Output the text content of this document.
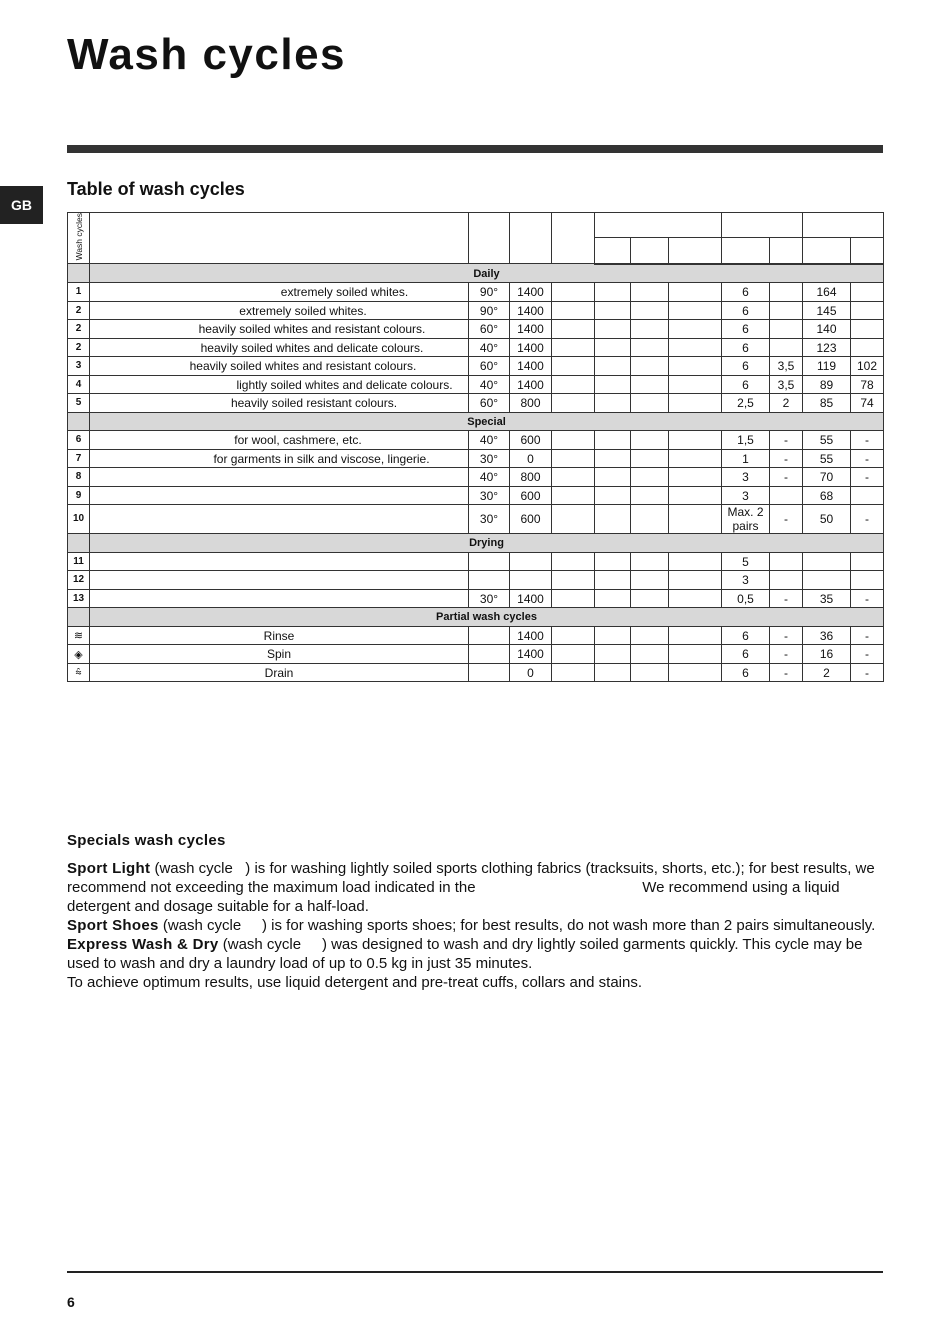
Wash cycles
GB
Table of wash cycles
Wash cycles											

	Daily										
1	extremely soiled whites.	90°	1400					6		164	
2	extremely soiled whites.	90°	1400					6		145	
2	heavily soiled whites and resistant colours.	60°	1400					6		140	
2	heavily soiled whites and delicate colours.	40°	1400					6		123	
3	heavily soiled whites and resistant colours.	60°	1400					6	3,5	119	102
4	lightly soiled whites and delicate colours.	40°	1400					6	3,5	89	78
5	heavily soiled resistant colours.	60°	800					2,5	2	85	74
	Special										
6	for wool, cashmere, etc.	40°	600					1,5	-	55	-
7	for garments in silk and viscose, lingerie.	30°	0					1	-	55	-
8		40°	800					3	-	70	-
9		30°	600					3		68	
10		30°	600					Max. 2 pairs	-	50	-
	Drying										
11								5			
12								3			
13		30°	1400					0,5	-	35	-
	Partial wash cycles										
≋	Rinse		1400					6	-	36	-
◈	Spin		1400					6	-	16	-
⩯	Drain		0					6	-	2	-
Specials wash cycles

Sport Light (wash cycle   ) is for washing lightly soiled sports clothing fabrics (tracksuits, shorts, etc.); for best results, we recommend not exceeding the maximum load indicated in the                                        We recommend using a liquid detergent and dosage suitable for a half-load.

Sport Shoes (wash cycle     ) is for washing sports shoes; for best results, do not wash more than 2 pairs simultaneously.

Express Wash & Dry (wash cycle     ) was designed to wash and dry lightly soiled garments quickly. This cycle may be used to wash and dry a laundry load of up to 0.5 kg in just 35 minutes.

To achieve optimum results, use liquid detergent and pre-treat cuffs, collars and stains.

6
